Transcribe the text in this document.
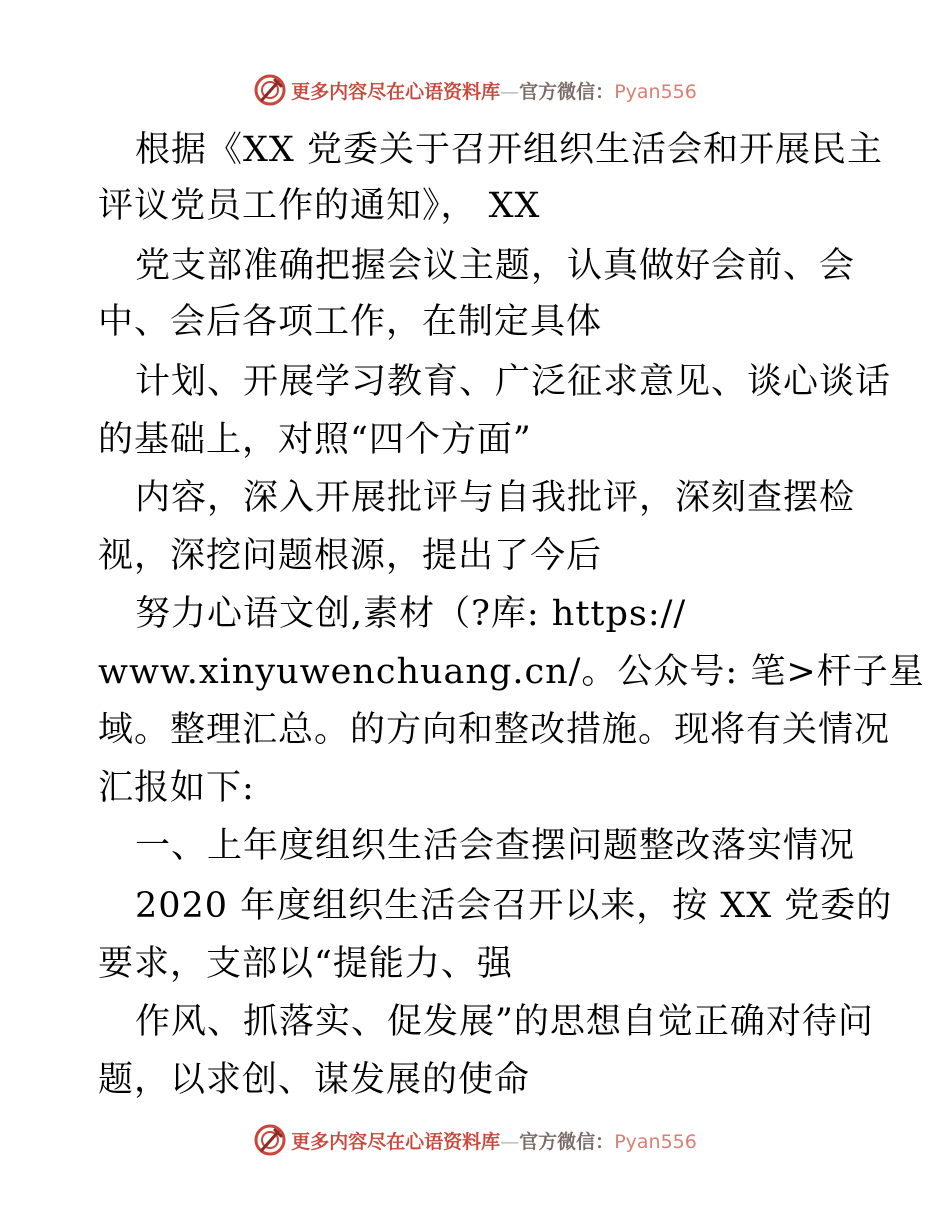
更多内容尽在心语资料库—官方微信：Pyan556
根据《XX 党委关于召开组织生活会和开展民主
评议党员工作的通知》， XX
党支部准确把握会议主题，认真做好会前、会
中、会后各项工作，在制定具体
计划、开展学习教育、广泛征求意见、谈心谈话
的基础上，对照“四个方面”
内容，深入开展批评与自我批评，深刻查摆检
视，深挖问题根源，提出了今后
努力心语文创,素材（?库: https://
www.xinyuwenchuang.cn/。公众号: 笔>杆子星
域。整理汇总。的方向和整改措施。现将有关情况
汇报如下:
一、上年度组织生活会查摆问题整改落实情况
2020 年度组织生活会召开以来，按 XX 党委的
要求，支部以“提能力、强
作风、抓落实、促发展”的思想自觉正确对待问
题，以求创、谋发展的使命
更多内容尽在心语资料库—官方微信：Pyan556
